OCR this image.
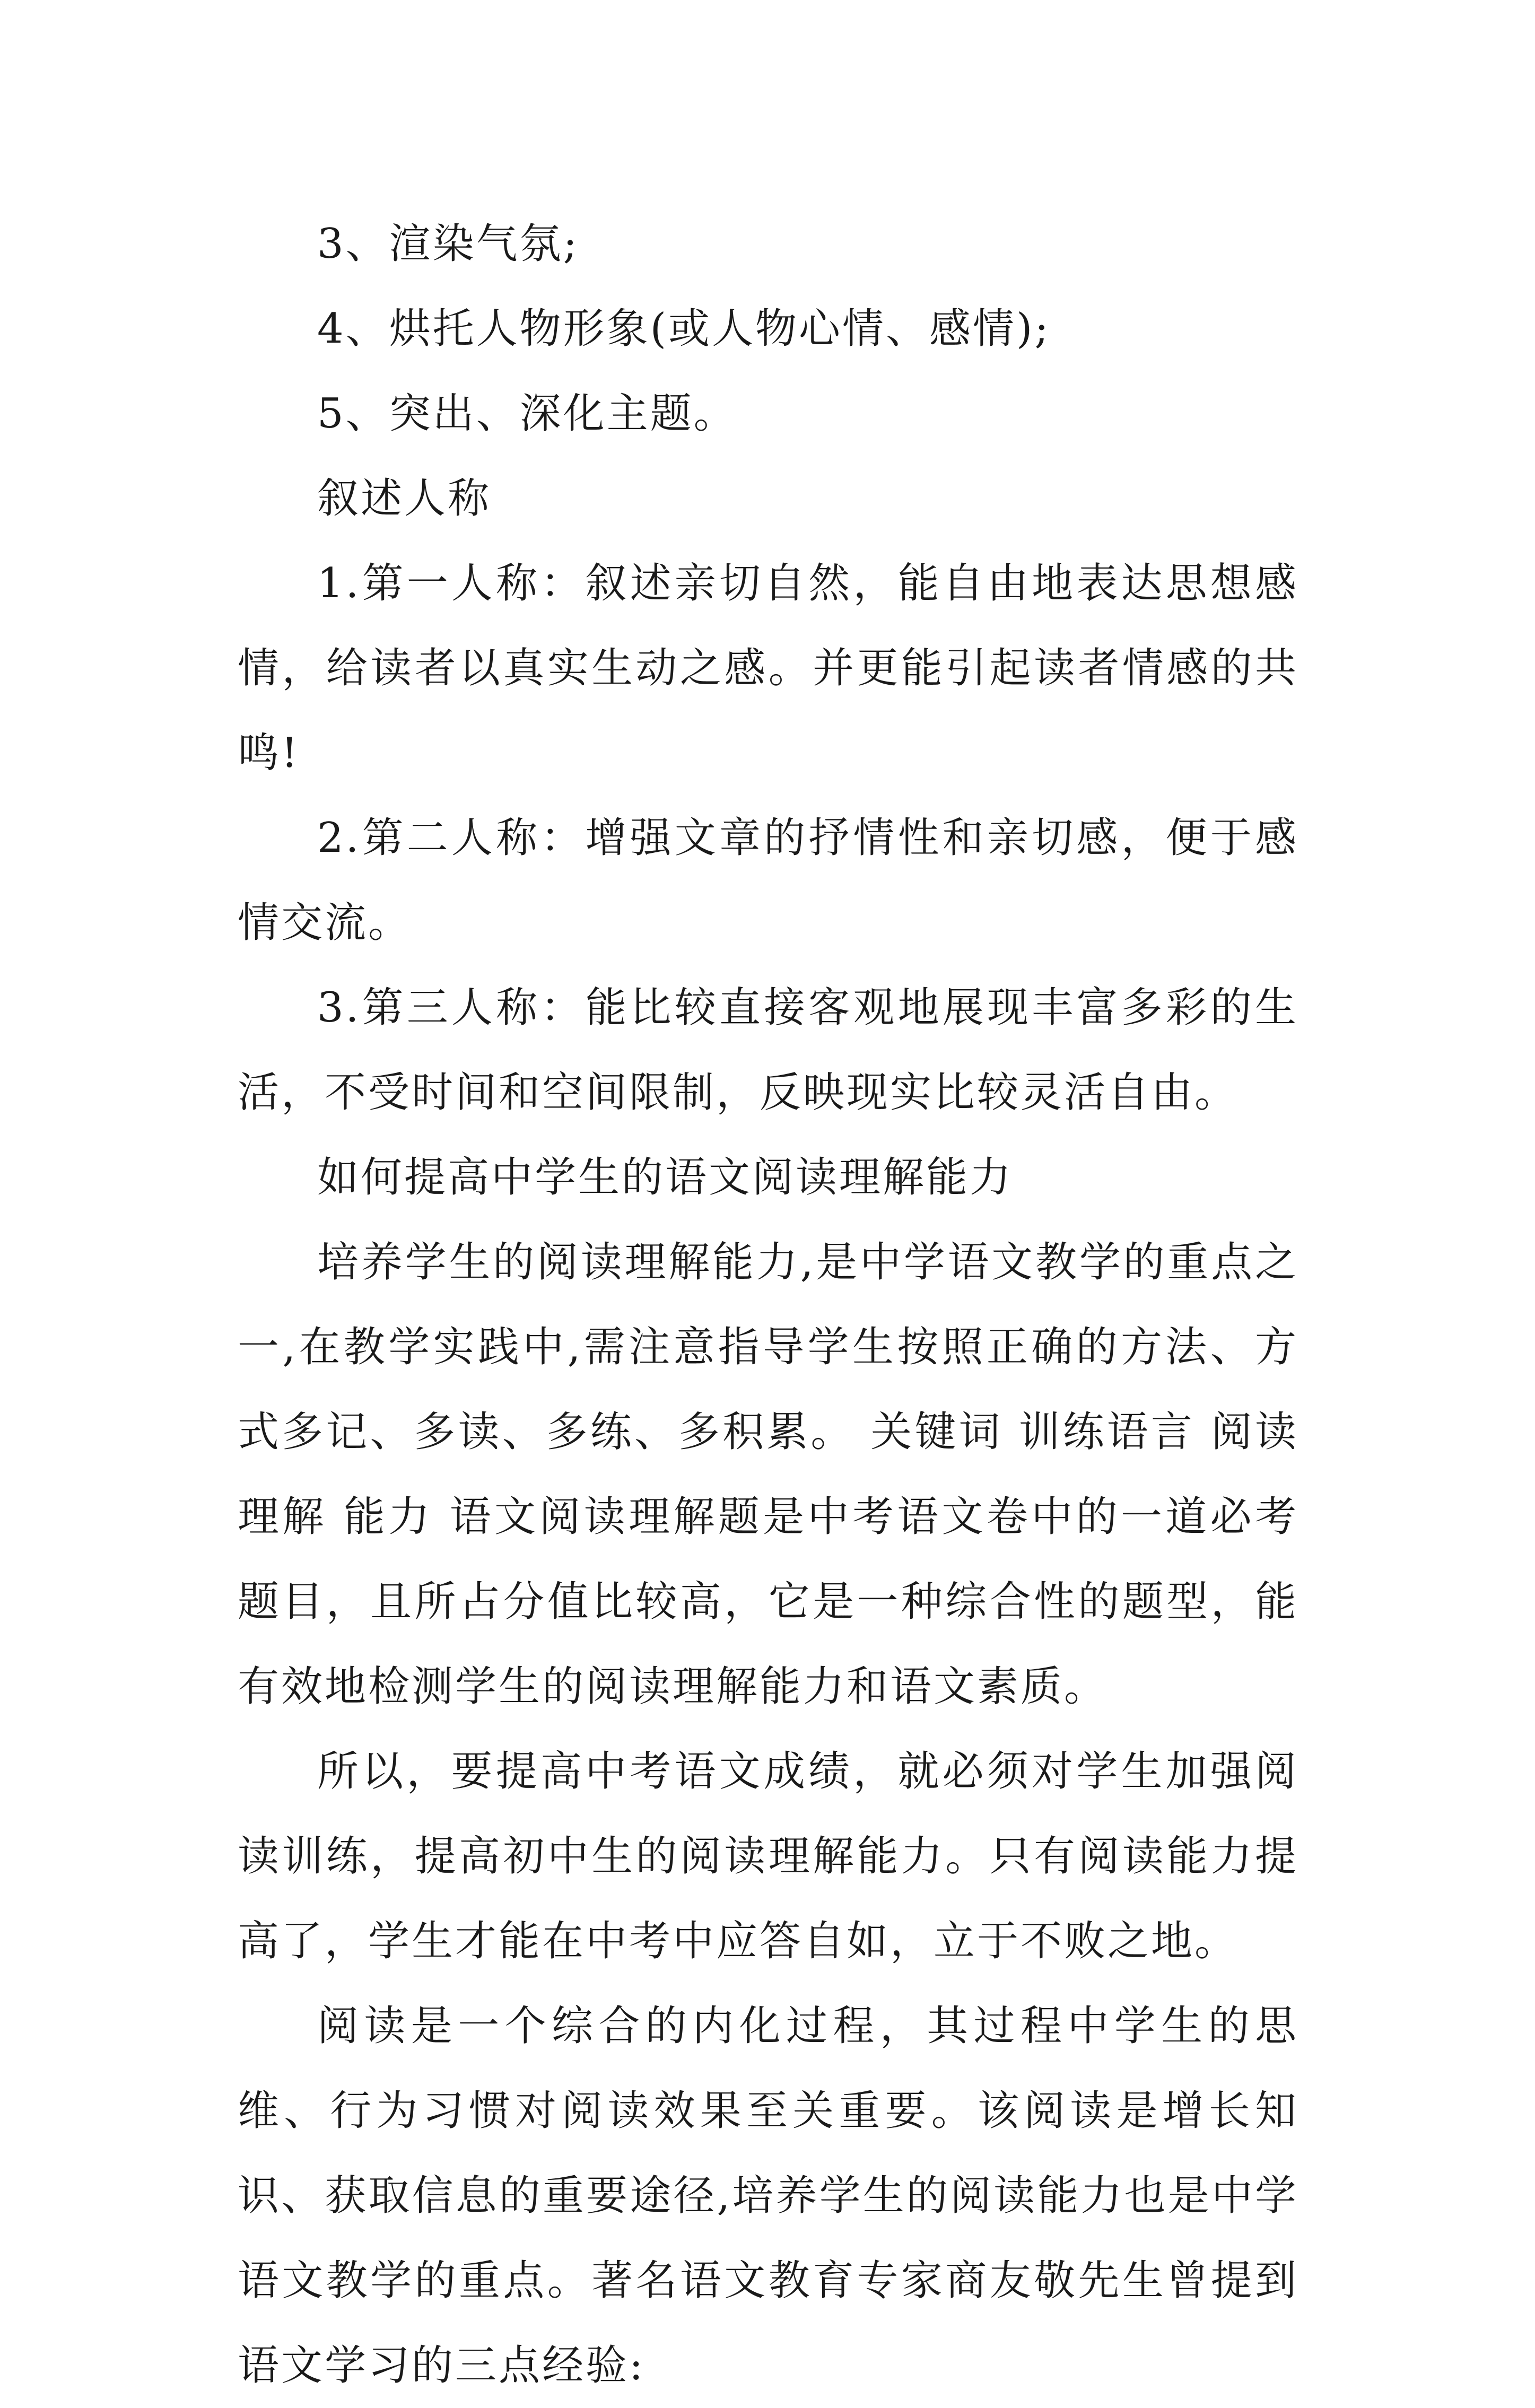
3、渲染气氛;

4、烘托人物形象(或人物心情、感情);

5、突出、深化主题。

叙述人称

1.第一人称：叙述亲切自然，能自由地表达思想感情，给读者以真实生动之感。并更能引起读者情感的共鸣!

2.第二人称：增强文章的抒情性和亲切感，便于感情交流。

3.第三人称：能比较直接客观地展现丰富多彩的生活，不受时间和空间限制，反映现实比较灵活自由。

如何提高中学生的语文阅读理解能力

培养学生的阅读理解能力,是中学语文教学的重点之一,在教学实践中,需注意指导学生按照正确的方法、方式多记、多读、多练、多积累。 关键词 训练语言 阅读理解 能力 语文阅读理解题是中考语文卷中的一道必考题目，且所占分值比较高，它是一种综合性的题型，能有效地检测学生的阅读理解能力和语文素质。

所以，要提高中考语文成绩，就必须对学生加强阅读训练，提高初中生的阅读理解能力。只有阅读能力提高了，学生才能在中考中应答自如，立于不败之地。

阅读是一个综合的内化过程，其过程中学生的思维、行为习惯对阅读效果至关重要。该阅读是增长知识、获取信息的重要途径,培养学生的阅读能力也是中学语文教学的重点。著名语文教育专家商友敬先生曾提到语文学习的三点经验:
